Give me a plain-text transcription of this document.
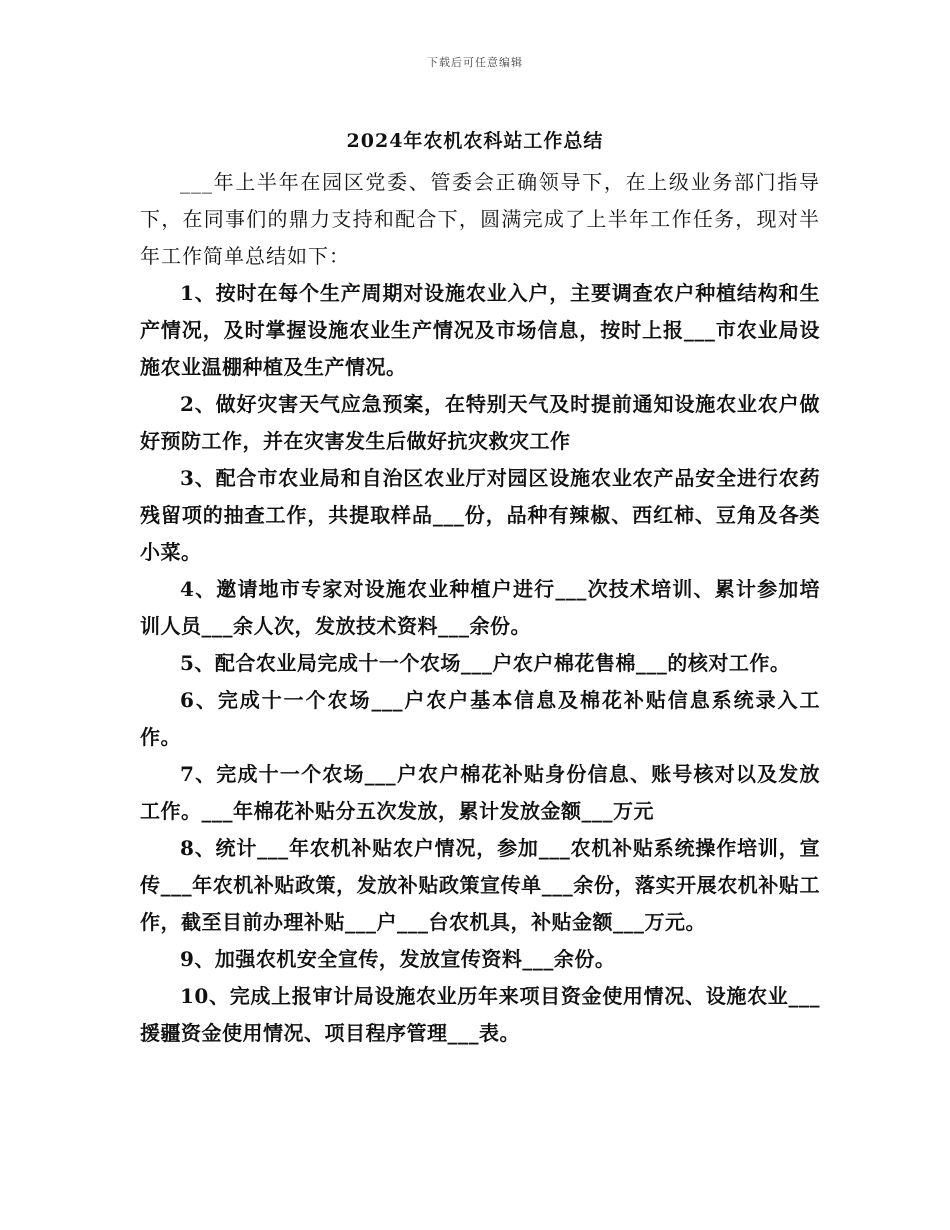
下载后可任意编辑
2024年农机农科站工作总结

___年上半年在园区党委、管委会正确领导下，在上级业务部门指导下，在同事们的鼎力支持和配合下，圆满完成了上半年工作任务，现对半年工作简单总结如下：

1、按时在每个生产周期对设施农业入户，主要调查农户种植结构和生产情况，及时掌握设施农业生产情况及市场信息，按时上报___市农业局设施农业温棚种植及生产情况。

2、做好灾害天气应急预案，在特别天气及时提前通知设施农业农户做好预防工作，并在灾害发生后做好抗灾救灾工作

3、配合市农业局和自治区农业厅对园区设施农业农产品安全进行农药残留项的抽查工作，共提取样品___份，品种有辣椒、西红柿、豆角及各类小菜。

4、邀请地市专家对设施农业种植户进行___次技术培训、累计参加培训人员___余人次，发放技术资料___余份。

5、配合农业局完成十一个农场___户农户棉花售棉___的核对工作。

6、完成十一个农场___户农户基本信息及棉花补贴信息系统录入工作。

7、完成十一个农场___户农户棉花补贴身份信息、账号核对以及发放工作。___年棉花补贴分五次发放，累计发放金额___万元

8、统计___年农机补贴农户情况，参加___农机补贴系统操作培训，宣传___年农机补贴政策，发放补贴政策宣传单___余份，落实开展农机补贴工作，截至目前办理补贴___户___台农机具，补贴金额___万元。

9、加强农机安全宣传，发放宣传资料___余份。

10、完成上报审计局设施农业历年来项目资金使用情况、设施农业___援疆资金使用情况、项目程序管理___表。
